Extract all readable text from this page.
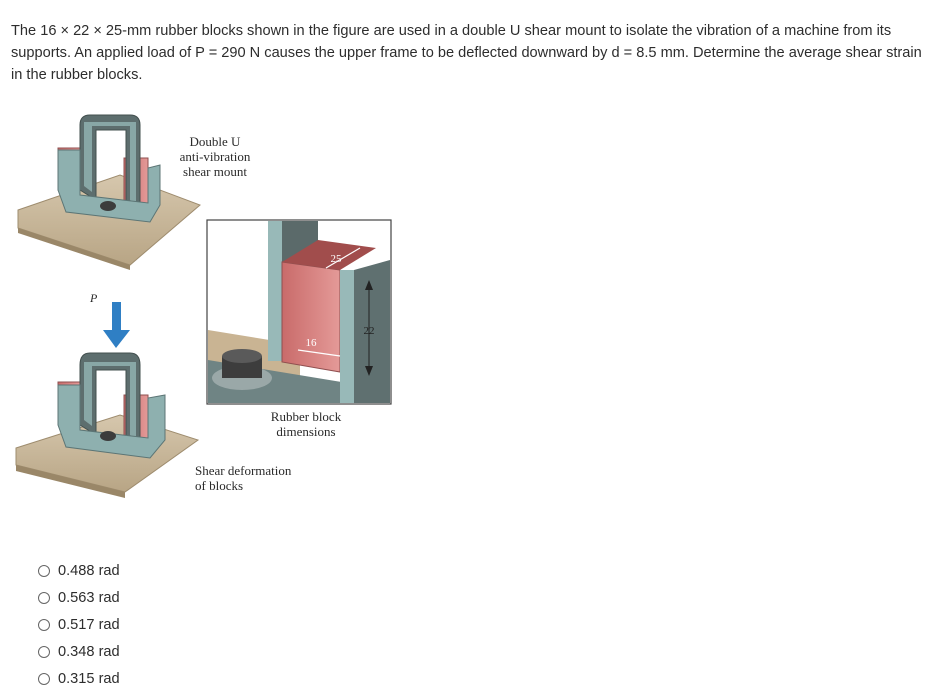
The 16 × 22 × 25-mm rubber blocks shown in the figure are used in a double U shear mount to isolate the vibration of a machine from its supports. An applied load of P = 290 N causes the upper frame to be deflected downward by d = 8.5 mm. Determine the average shear strain in the rubber blocks.
Double U
anti-vibration
shear mount
P
25
22
16
Rubber block
dimensions
Shear deformation
of blocks
0.488 rad
0.563 rad
0.517 rad
0.348 rad
0.315 rad
